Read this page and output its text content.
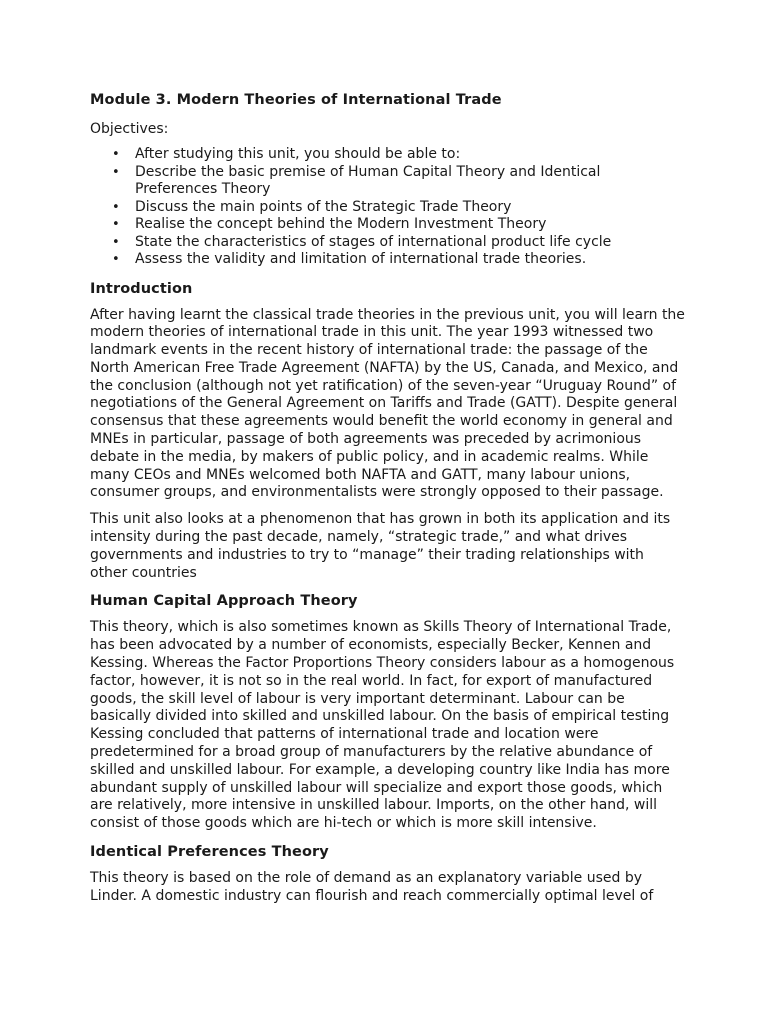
Module 3. Modern Theories of International Trade
Objectives:
• After studying this unit, you should be able to:
• Describe the basic premise of Human Capital Theory and Identical
Preferences Theory
• Discuss the main points of the Strategic Trade Theory
• Realise the concept behind the Modern Investment Theory
• State the characteristics of stages of international product life cycle
• Assess the validity and limitation of international trade theories.
Introduction
After having learnt the classical trade theories in the previous unit, you will learn the
modern theories of international trade in this unit. The year 1993 witnessed two
landmark events in the recent history of international trade: the passage of the
North American Free Trade Agreement (NAFTA) by the US, Canada, and Mexico, and
the conclusion (although not yet ratification) of the seven-year “Uruguay Round” of
negotiations of the General Agreement on Tariffs and Trade (GATT). Despite general
consensus that these agreements would benefit the world economy in general and
MNEs in particular, passage of both agreements was preceded by acrimonious
debate in the media, by makers of public policy, and in academic realms. While
many CEOs and MNEs welcomed both NAFTA and GATT, many labour unions,
consumer groups, and environmentalists were strongly opposed to their passage.
This unit also looks at a phenomenon that has grown in both its application and its
intensity during the past decade, namely, “strategic trade,” and what drives
governments and industries to try to “manage” their trading relationships with
other countries
Human Capital Approach Theory
This theory, which is also sometimes known as Skills Theory of International Trade,
has been advocated by a number of economists, especially Becker, Kennen and
Kessing. Whereas the Factor Proportions Theory considers labour as a homogenous
factor, however, it is not so in the real world. In fact, for export of manufactured
goods, the skill level of labour is very important determinant. Labour can be
basically divided into skilled and unskilled labour. On the basis of empirical testing
Kessing concluded that patterns of international trade and location were
predetermined for a broad group of manufacturers by the relative abundance of
skilled and unskilled labour. For example, a developing country like India has more
abundant supply of unskilled labour will specialize and export those goods, which
are relatively, more intensive in unskilled labour. Imports, on the other hand, will
consist of those goods which are hi-tech or which is more skill intensive.
Identical Preferences Theory
This theory is based on the role of demand as an explanatory variable used by
Linder. A domestic industry can flourish and reach commercially optimal level of
